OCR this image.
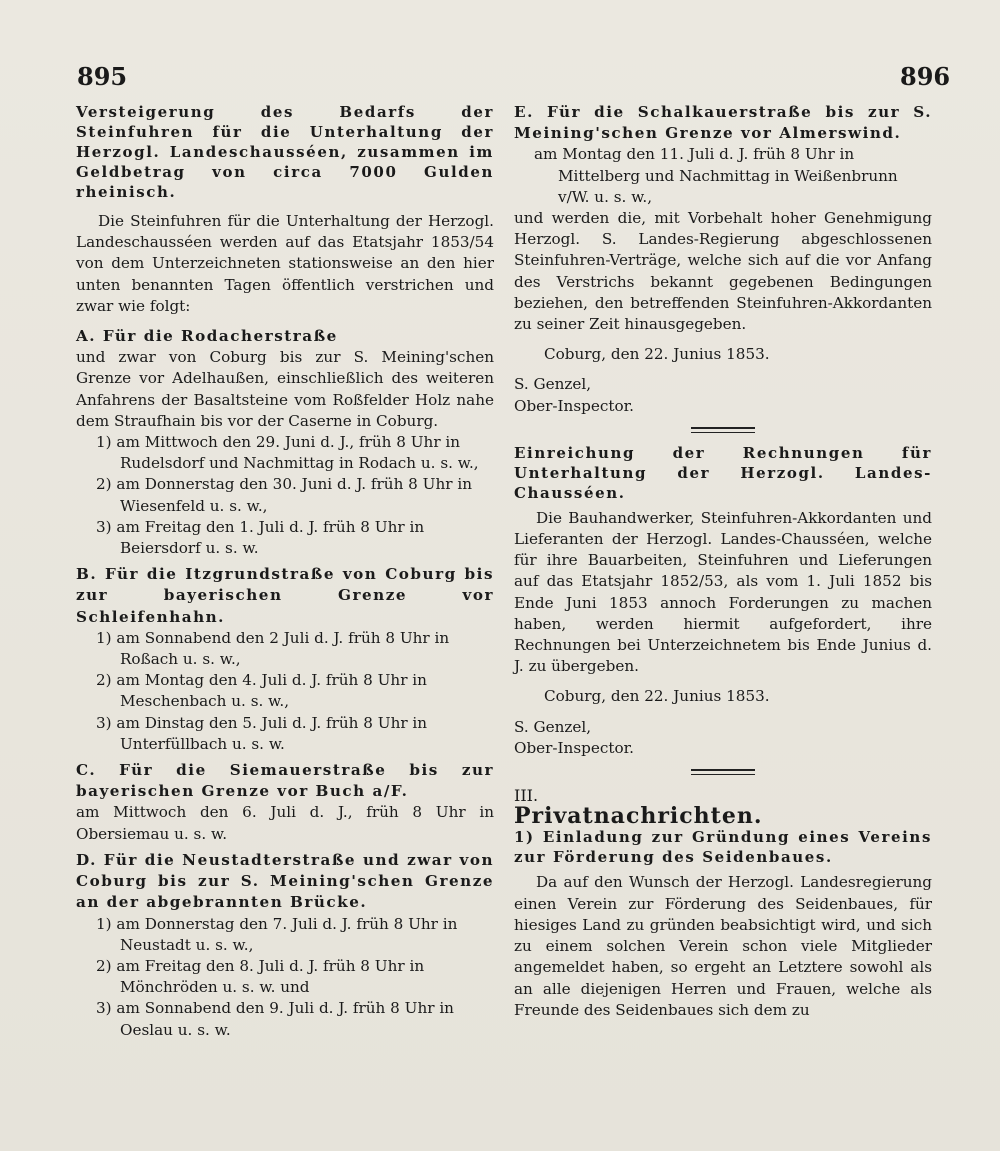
895	896

Versteigerung des Bedarfs der Steinfuhren für die Unterhaltung der Herzogl. Landeschausséen, zusammen im Geldbetrag von circa 7000 Gulden rheinisch.

Die Steinfuhren für die Unterhaltung der Herzogl. Landeschausséen werden auf das Etatsjahr 1853/54 von dem Unterzeichneten stationsweise an den hier unten benannten Tagen öffentlich verstrichen und zwar wie folgt:

A. Für die Rodacherstraße

und zwar von Coburg bis zur S. Meining'schen Grenze vor Adelhaußen, einschließlich des weiteren Anfahrens der Basaltsteine vom Roßfelder Holz nahe dem Straufhain bis vor der Caserne in Coburg.

1) am Mittwoch den 29. Juni d. J., früh 8 Uhr in Rudelsdorf und Nachmittag in Rodach u. s. w.,

2) am Donnerstag den 30. Juni d. J. früh 8 Uhr in Wiesenfeld u. s. w.,

3) am Freitag den 1. Juli d. J. früh 8 Uhr in Beiersdorf u. s. w.

B. Für die Itzgrundstraße von Coburg bis zur bayerischen Grenze vor Schleifenhahn.

1) am Sonnabend den 2 Juli d. J. früh 8 Uhr in Roßach u. s. w.,

2) am Montag den 4. Juli d. J. früh 8 Uhr in Meschenbach u. s. w.,

3) am Dinstag den 5. Juli d. J. früh 8 Uhr in Unterfüllbach u. s. w.

C. Für die Siemauerstraße bis zur bayerischen Grenze vor Buch a/F.

am Mittwoch den 6. Juli d. J., früh 8 Uhr in Obersiemau u. s. w.

D. Für die Neustadterstraße und zwar von Coburg bis zur S. Meining'schen Grenze an der abgebrannten Brücke.

1) am Donnerstag den 7. Juli d. J. früh 8 Uhr in Neustadt u. s. w.,

2) am Freitag den 8. Juli d. J. früh 8 Uhr in Mönchröden u. s. w. und

3) am Sonnabend den 9. Juli d. J. früh 8 Uhr in Oeslau u. s. w.

E. Für die Schalkauerstraße bis zur S. Meining'schen Grenze vor Almerswind.

am Montag den 11. Juli d. J. früh 8 Uhr in Mittelberg und Nachmittag in Weißenbrunn v/W. u. s. w.,

und werden die, mit Vorbehalt hoher Genehmigung Herzogl. S. Landes-Regierung abgeschlossenen Steinfuhren-Verträge, welche sich auf die vor Anfang des Verstrichs bekannt gegebenen Bedingungen beziehen, den betreffenden Steinfuhren-Akkordanten zu seiner Zeit hinausgegeben.

Coburg, den 22. Junius 1853.

S. Genzel,

Ober-Inspector.

Einreichung der Rechnungen für Unterhaltung der Herzogl. Landes-Chausséen.

Die Bauhandwerker, Steinfuhren-Akkordanten und Lieferanten der Herzogl. Landes-Chausséen, welche für ihre Bauarbeiten, Steinfuhren und Lieferungen auf das Etatsjahr 1852/53, als vom 1. Juli 1852 bis Ende Juni 1853 annoch Forderungen zu machen haben, werden hiermit aufgefordert, ihre Rechnungen bei Unterzeichnetem bis Ende Junius d. J. zu übergeben.

Coburg, den 22. Junius 1853.

S. Genzel,

Ober-Inspector.

III.

Privatnachrichten.

1) Einladung zur Gründung eines Vereins zur Förderung des Seidenbaues.

Da auf den Wunsch der Herzogl. Landesregierung einen Verein zur Förderung des Seidenbaues, für hiesiges Land zu gründen beabsichtigt wird, und sich zu einem solchen Verein schon viele Mitglieder angemeldet haben, so ergeht an Letztere sowohl als an alle diejenigen Herren und Frauen, welche als Freunde des Seidenbaues sich dem zu
